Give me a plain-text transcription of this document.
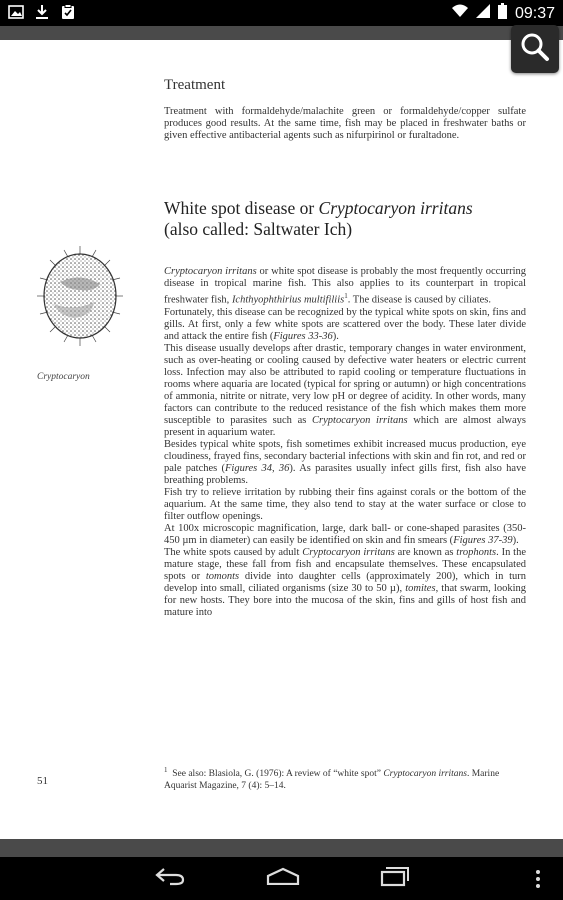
09:37
Treatment
Treatment with formaldehyde/malachite green or formaldehyde/copper sulfate produces good results. At the same time, fish may be placed in freshwater baths or given effective antibacterial agents such as nifurpirinol or furaltadone.
White spot disease or Cryptocaryon irritans
(also called: Saltwater Ich)
Cryptocaryon

Cryptocaryon irritans or white spot disease is probably the most frequently occurring disease in tropical marine fish. This also applies to its counterpart in tropical freshwater fish, Ichthyophthirius multifiliis$^1$. The disease is caused by ciliates.

Fortunately, this disease can be recognized by the typical white spots on skin, fins and gills. At first, only a few white spots are scattered over the body. These later divide and attack the entire fish (Figures 33-36).

This disease usually develops after drastic, temporary changes in water environment, such as over-heating or cooling caused by defective water heaters or electric current loss. Infection may also be attributed to rapid cooling or temperature fluctuations in rooms where aquaria are located (typical for spring or autumn) or high concentrations of ammonia, nitrite or nitrate, very low pH or degree of acidity. In other words, many factors can contribute to the reduced resistance of the fish which makes them more susceptible to parasites such as Cryptocaryon irritans which are almost always present in aquarium water.

Besides typical white spots, fish sometimes exhibit increased mucus production, eye cloudiness, frayed fins, secondary bacterial infections with skin and fin rot, and red or pale patches (Figures 34, 36). As parasites usually infect gills first, fish also have breathing problems.

Fish try to relieve irritation by rubbing their fins against corals or the bottom of the aquarium. At the same time, they also tend to stay at the water surface or close to filter outflow openings.

At 100x microscopic magnification, large, dark ball- or cone-shaped parasites (350-450 µm in diameter) can easily be identified on skin and fin smears (Figures 37-39).

The white spots caused by adult Cryptocaryon irritans are known as trophonts. In the mature stage, these fall from fish and encapsulate themselves. These encapsulated spots or tomonts divide into daughter cells (approximately 200), which in turn develop into small, ciliated organisms (size 30 to 50 µ), tomites, that swarm, looking for new hosts. They bore into the mucosa of the skin, fins and gills of host fish and mature into

$^1$ See also: Blasiola, G. (1976): A review of “white spot” Cryptocaryon irritans. Marine Aquarist Magazine, 7 (4): 5–14.
51
